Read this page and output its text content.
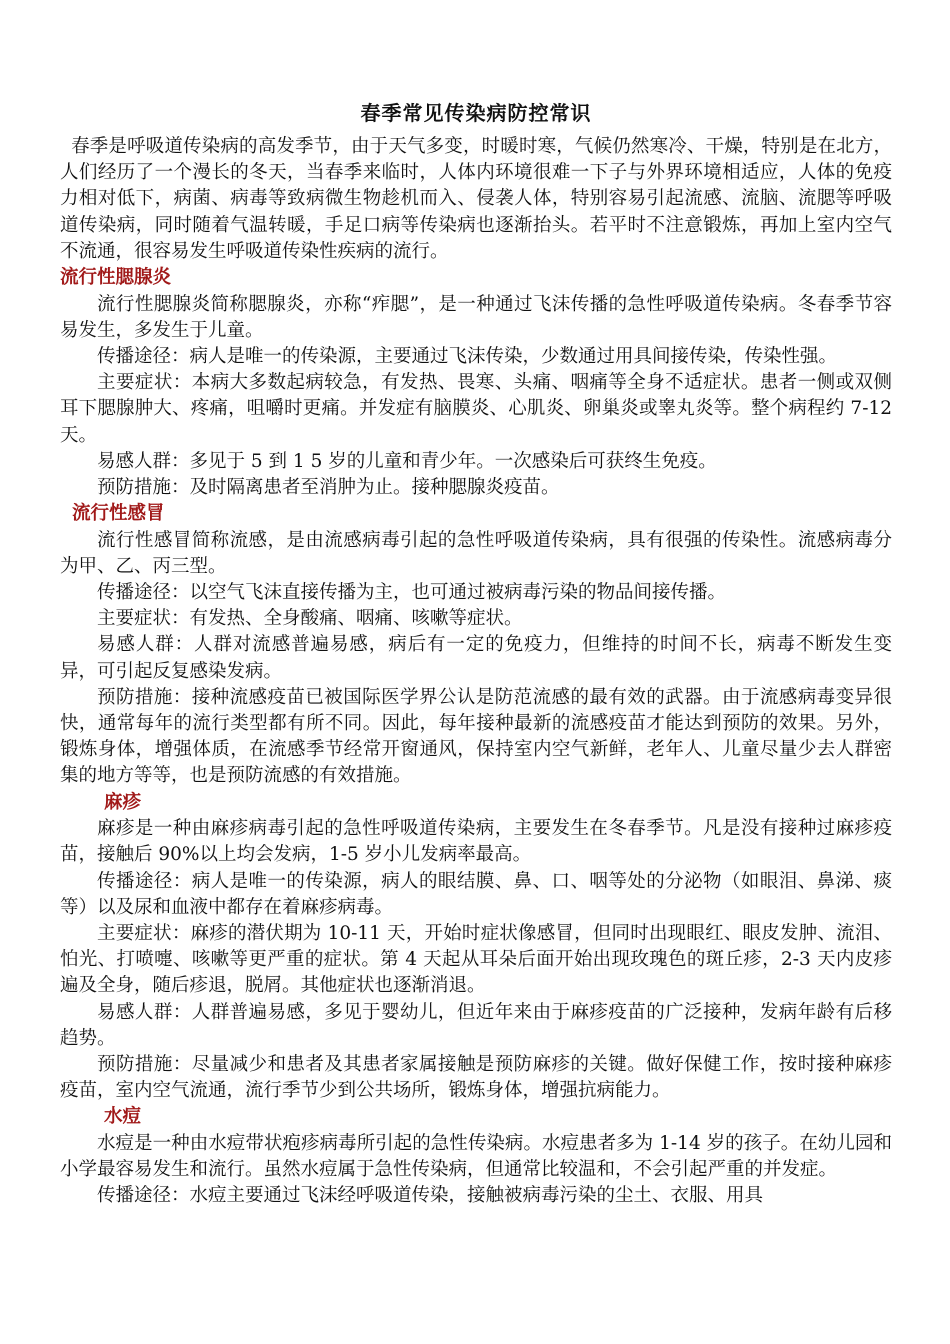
春季常见传染病防控常识

春季是呼吸道传染病的高发季节，由于天气多变，时暖时寒，气候仍然寒冷、干燥，特别是在北方，人们经历了一个漫长的冬天，当春季来临时，人体内环境很难一下子与外界环境相适应，人体的免疫力相对低下，病菌、病毒等致病微生物趁机而入、侵袭人体，特别容易引起流感、流脑、流腮等呼吸道传染病，同时随着气温转暖，手足口病等传染病也逐渐抬头。若平时不注意锻炼，再加上室内空气不流通，很容易发生呼吸道传染性疾病的流行。

流行性腮腺炎

流行性腮腺炎简称腮腺炎，亦称“痄腮”，是一种通过飞沫传播的急性呼吸道传染病。冬春季节容易发生，多发生于儿童。

传播途径：病人是唯一的传染源，主要通过飞沫传染，少数通过用具间接传染，传染性强。

主要症状：本病大多数起病较急，有发热、畏寒、头痛、咽痛等全身不适症状。患者一侧或双侧耳下腮腺肿大、疼痛，咀嚼时更痛。并发症有脑膜炎、心肌炎、卵巢炎或睾丸炎等。整个病程约 7-12 天。

易感人群：多见于 5 到 1 5 岁的儿童和青少年。一次感染后可获终生免疫。

预防措施：及时隔离患者至消肿为止。接种腮腺炎疫苗。

流行性感冒

流行性感冒简称流感，是由流感病毒引起的急性呼吸道传染病，具有很强的传染性。流感病毒分为甲、乙、丙三型。

传播途径：以空气飞沫直接传播为主，也可通过被病毒污染的物品间接传播。

主要症状：有发热、全身酸痛、咽痛、咳嗽等症状。

易感人群：人群对流感普遍易感，病后有一定的免疫力，但维持的时间不长，病毒不断发生变异，可引起反复感染发病。

预防措施：接种流感疫苗已被国际医学界公认是防范流感的最有效的武器。由于流感病毒变异很快，通常每年的流行类型都有所不同。因此，每年接种最新的流感疫苗才能达到预防的效果。另外，锻炼身体，增强体质，在流感季节经常开窗通风，保持室内空气新鲜，老年人、儿童尽量少去人群密集的地方等等，也是预防流感的有效措施。

麻疹

麻疹是一种由麻疹病毒引起的急性呼吸道传染病，主要发生在冬春季节。凡是没有接种过麻疹疫苗，接触后 90%以上均会发病，1-5 岁小儿发病率最高。

传播途径：病人是唯一的传染源，病人的眼结膜、鼻、口、咽等处的分泌物（如眼泪、鼻涕、痰等）以及尿和血液中都存在着麻疹病毒。

主要症状：麻疹的潜伏期为 10-11 天，开始时症状像感冒，但同时出现眼红、眼皮发肿、流泪、怕光、打喷嚏、咳嗽等更严重的症状。第 4 天起从耳朵后面开始出现玫瑰色的斑丘疹，2-3 天内皮疹遍及全身，随后疹退，脱屑。其他症状也逐渐消退。

易感人群：人群普遍易感，多见于婴幼儿，但近年来由于麻疹疫苗的广泛接种，发病年龄有后移趋势。

预防措施：尽量减少和患者及其患者家属接触是预防麻疹的关键。做好保健工作，按时接种麻疹疫苗，室内空气流通，流行季节少到公共场所，锻炼身体，增强抗病能力。

水痘

水痘是一种由水痘带状疱疹病毒所引起的急性传染病。水痘患者多为 1-14 岁的孩子。在幼儿园和小学最容易发生和流行。虽然水痘属于急性传染病，但通常比较温和，不会引起严重的并发症。

传播途径：水痘主要通过飞沫经呼吸道传染，接触被病毒污染的尘土、衣服、用具
